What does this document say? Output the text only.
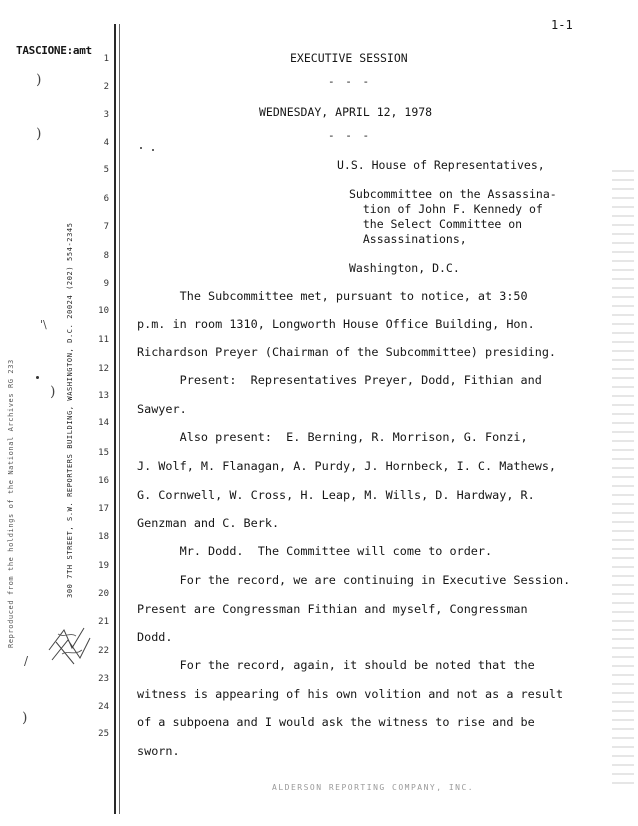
300 7TH STREET, S.W. REPORTERS BUILDING, WASHINGTON, D.C. 20024 (202) 554-2345
Reproduced from the holdings of the National Archives RG 233
)
)
'\
)
/
)
1-1
TASCIONE:amt
1
2
3
4
5
6
7
8
9
10
11
12
13
14
15
16
17
18
19
20
21
22
23
24
25
EXECUTIVE SESSION
- - -
WEDNESDAY, APRIL 12, 1978
- - -
U.S. House of Representatives,
Subcommittee on the Assassina-
tion of John F. Kennedy of
the Select Committee on
Assassinations,
Washington, D.C.
The Subcommittee met, pursuant to notice, at 3:50
p.m. in room 1310, Longworth House Office Building, Hon.
Richardson Preyer (Chairman of the Subcommittee) presiding.
Present:  Representatives Preyer, Dodd, Fithian and
Sawyer.
Also present:  E. Berning, R. Morrison, G. Fonzi,
J. Wolf, M. Flanagan, A. Purdy, J. Hornbeck, I. C. Mathews,
G. Cornwell, W. Cross, H. Leap, M. Wills, D. Hardway, R.
Genzman and C. Berk.
Mr. Dodd.  The Committee will come to order.
For the record, we are continuing in Executive Session.
Present are Congressman Fithian and myself, Congressman
Dodd.
For the record, again, it should be noted that the
witness is appearing of his own volition and not as a result
of a subpoena and I would ask the witness to rise and be
sworn.
ALDERSON REPORTING COMPANY, INC.
